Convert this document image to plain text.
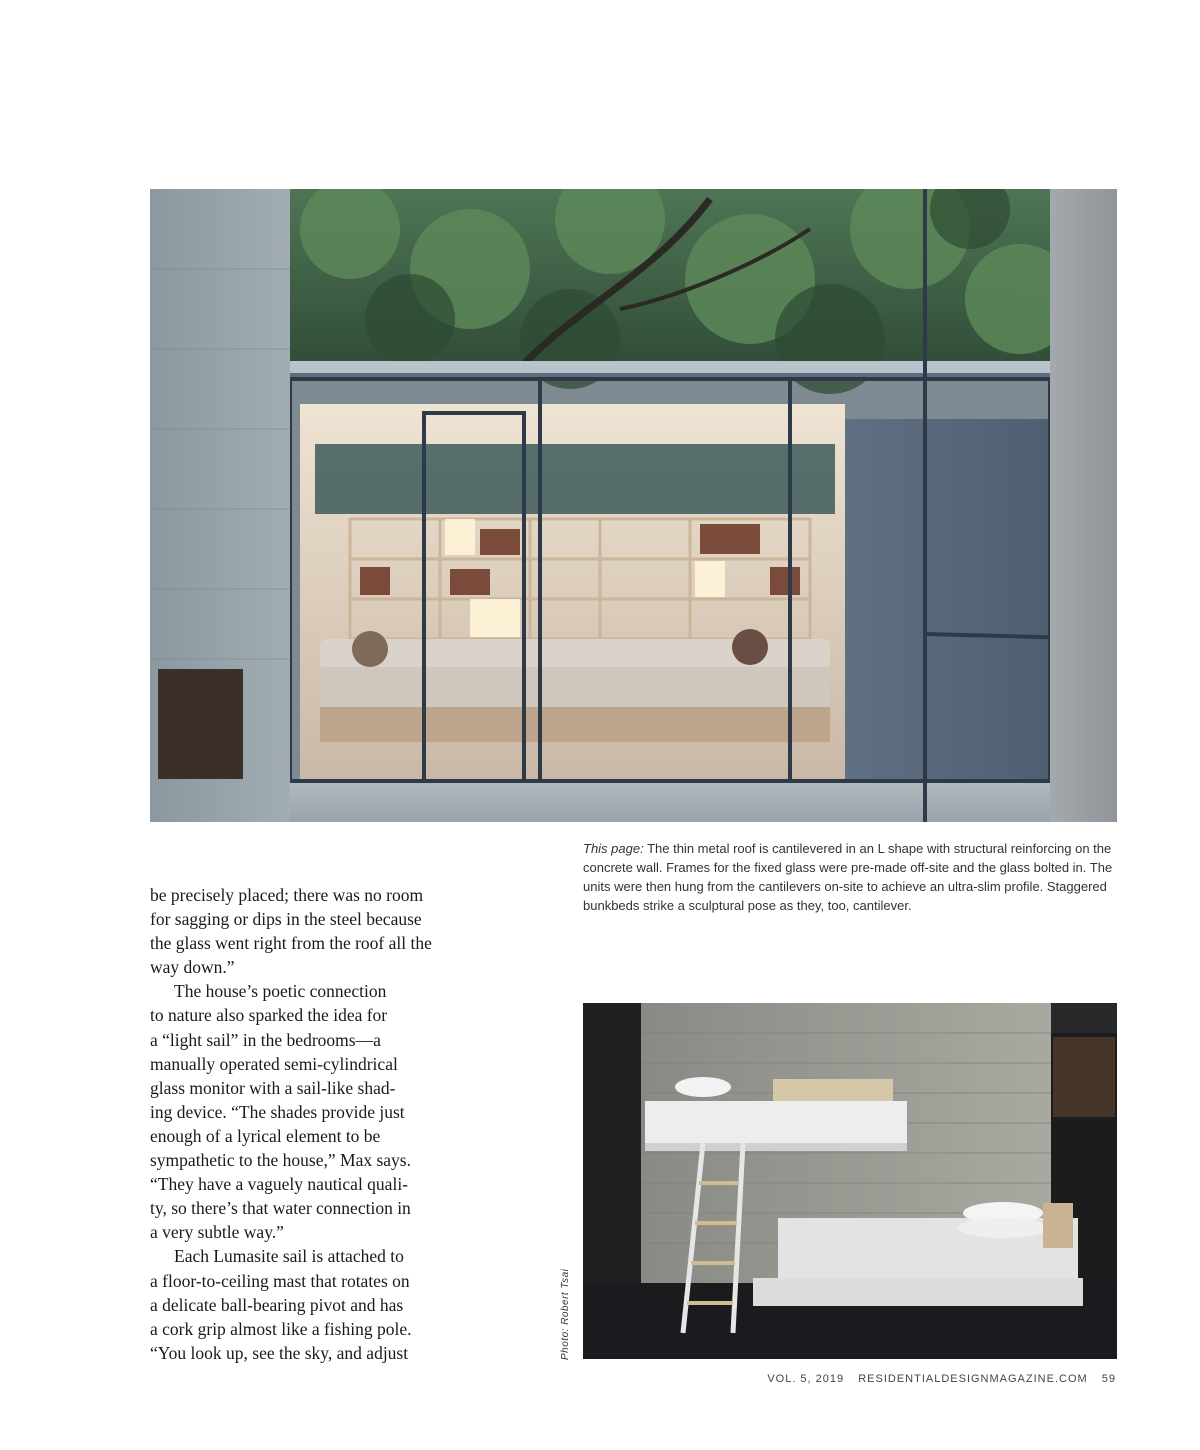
This page: The thin metal roof is cantilevered in an L shape with structural reinforcing on the concrete wall. Frames for the fixed glass were pre-made off-site and the glass bolted in. The units were then hung from the cantilevers on-site to achieve an ultra-slim profile. Staggered bunkbeds strike a sculptural pose as they, too, cantilever.

be precisely placed; there was no room
for sagging or dips in the steel because
the glass went right from the roof all the
way down.”

The house’s poetic connection
to nature also sparked the idea for
a “light sail” in the bedrooms—a
manually operated semi-cylindrical
glass monitor with a sail-like shad-
ing device. “The shades provide just
enough of a lyrical element to be
sympathetic to the house,” Max says.
“They have a vaguely nautical quali-
ty, so there’s that water connection in
a very subtle way.”

Each Lumasite sail is attached to
a floor-to-ceiling mast that rotates on
a delicate ball-bearing pivot and has
a cork grip almost like a fishing pole.
“You look up, see the sky, and adjust	Photo: Robert Tsai
VOL. 5, 2019 RESIDENTIALDESIGNMAGAZINE.COM 59
